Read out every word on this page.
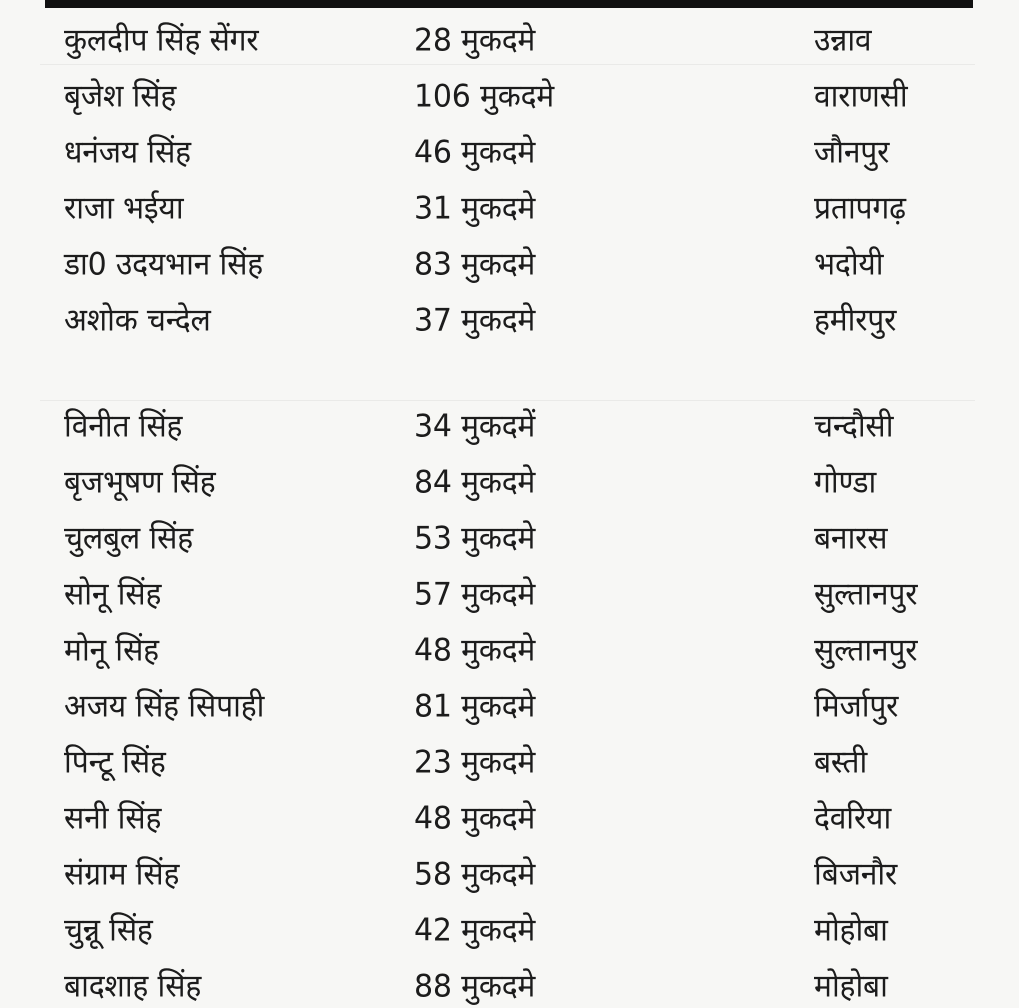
कुलदीप सिंह सेंगर	28 मुकदमे	उन्नाव
बृजेश सिंह	106 मुकदमे	वाराणसी
धनंजय सिंह	46 मुकदमे	जौनपुर
राजा भईया	31 मुकदमे	प्रतापगढ़
डा0 उदयभान सिंह	83 मुकदमे	भदोयी
अशोक चन्देल	37 मुकदमे	हमीरपुर
विनीत सिंह	34 मुकदमें	चन्दौसी
बृजभूषण सिंह	84 मुकदमे	गोण्डा
चुलबुल सिंह	53 मुकदमे	बनारस
सोनू सिंह	57 मुकदमे	सुल्तानपुर
मोनू सिंह	48 मुकदमे	सुल्तानपुर
अजय सिंह सिपाही	81 मुकदमे	मिर्जापुर
पिन्टू सिंह	23 मुकदमे	बस्ती
सनी सिंह	48 मुकदमे	देवरिया
संग्राम सिंह	58 मुकदमे	बिजनौर
चुन्नू सिंह	42 मुकदमे	मोहोबा
बादशाह सिंह	88 मुकदमे	मोहोबा
